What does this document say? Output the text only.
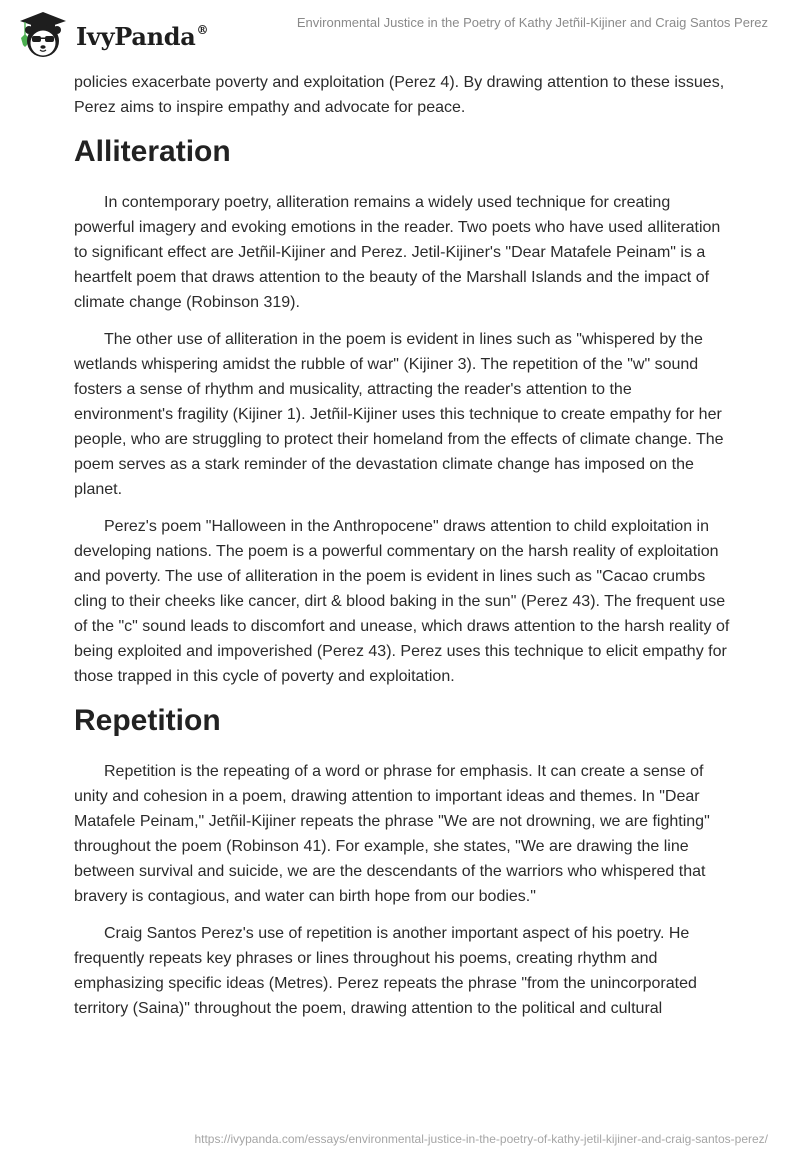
IvyPanda®	Environmental Justice in the Poetry of Kathy Jetñil-Kijiner and Craig Santos Perez

policies exacerbate poverty and exploitation (Perez 4). By drawing attention to these issues, Perez aims to inspire empathy and advocate for peace.

Alliteration

In contemporary poetry, alliteration remains a widely used technique for creating powerful imagery and evoking emotions in the reader. Two poets who have used alliteration to significant effect are Jetñil-Kijiner and Perez. Jetil-Kijiner's "Dear Matafele Peinam" is a heartfelt poem that draws attention to the beauty of the Marshall Islands and the impact of climate change (Robinson 319).

The other use of alliteration in the poem is evident in lines such as "whispered by the wetlands whispering amidst the rubble of war" (Kijiner 3). The repetition of the "w" sound fosters a sense of rhythm and musicality, attracting the reader's attention to the environment's fragility (Kijiner 1). Jetñil-Kijiner uses this technique to create empathy for her people, who are struggling to protect their homeland from the effects of climate change. The poem serves as a stark reminder of the devastation climate change has imposed on the planet.

Perez's poem "Halloween in the Anthropocene" draws attention to child exploitation in developing nations. The poem is a powerful commentary on the harsh reality of exploitation and poverty. The use of alliteration in the poem is evident in lines such as "Cacao crumbs cling to their cheeks like cancer, dirt & blood baking in the sun" (Perez 43). The frequent use of the "c" sound leads to discomfort and unease, which draws attention to the harsh reality of being exploited and impoverished (Perez 43). Perez uses this technique to elicit empathy for those trapped in this cycle of poverty and exploitation.

Repetition

Repetition is the repeating of a word or phrase for emphasis. It can create a sense of unity and cohesion in a poem, drawing attention to important ideas and themes. In "Dear Matafele Peinam," Jetñil-Kijiner repeats the phrase "We are not drowning, we are fighting" throughout the poem (Robinson 41). For example, she states, "We are drawing the line between survival and suicide, we are the descendants of the warriors who whispered that bravery is contagious, and water can birth hope from our bodies."

Craig Santos Perez's use of repetition is another important aspect of his poetry. He frequently repeats key phrases or lines throughout his poems, creating rhythm and emphasizing specific ideas (Metres). Perez repeats the phrase "from the unincorporated territory (Saina)" throughout the poem, drawing attention to the political and cultural

https://ivypanda.com/essays/environmental-justice-in-the-poetry-of-kathy-jetil-kijiner-and-craig-santos-perez/
